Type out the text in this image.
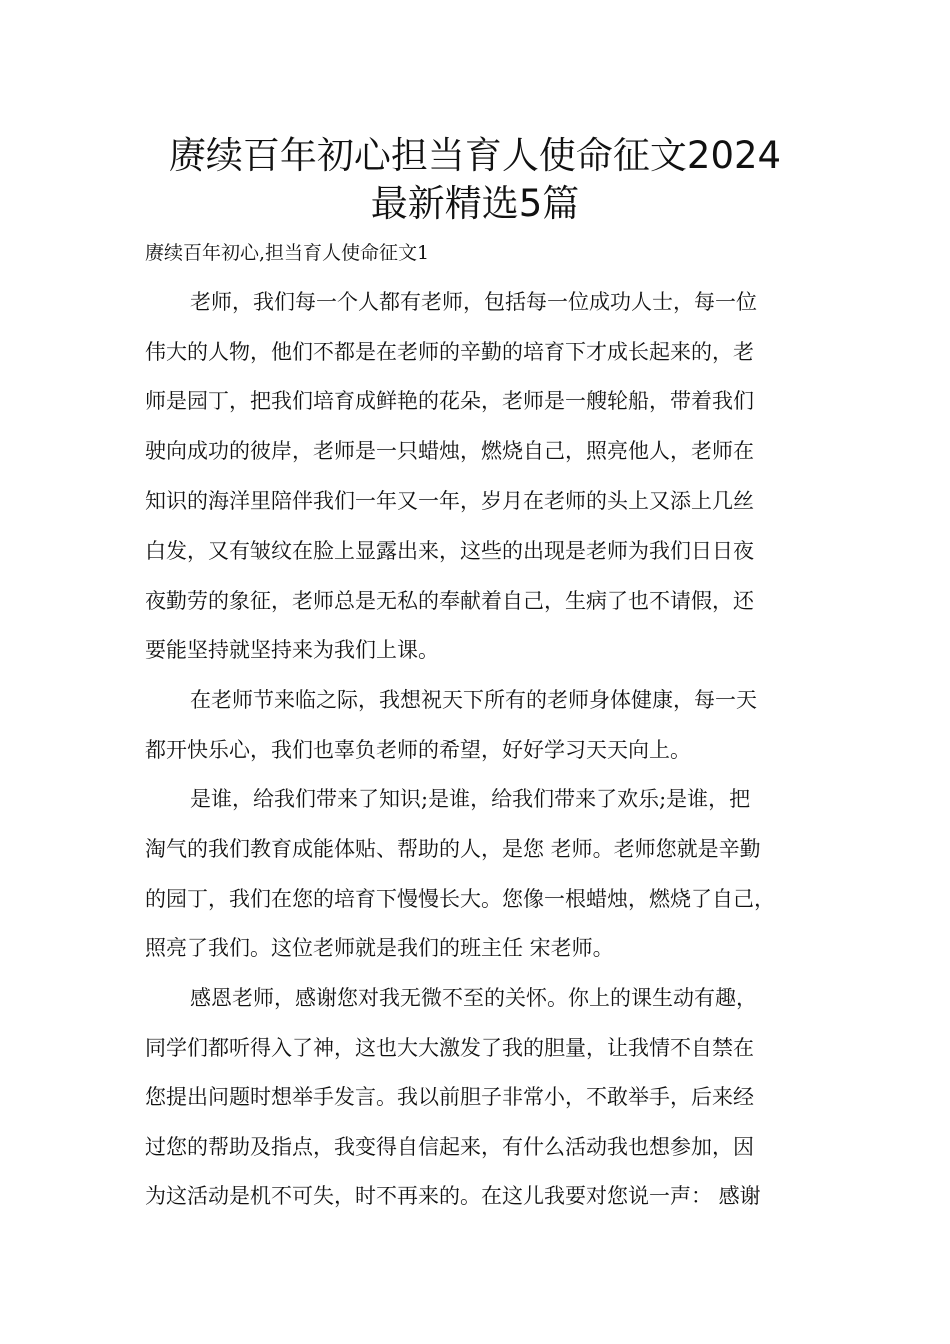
赓续百年初心担当育人使命征文2024
最新精选5篇
赓续百年初心,担当育人使命征文1
老师，我们每一个人都有老师，包括每一位成功人士，每一位
伟大的人物，他们不都是在老师的辛勤的培育下才成长起来的，老
师是园丁，把我们培育成鲜艳的花朵，老师是一艘轮船，带着我们
驶向成功的彼岸，老师是一只蜡烛，燃烧自己，照亮他人，老师在
知识的海洋里陪伴我们一年又一年，岁月在老师的头上又添上几丝
白发，又有皱纹在脸上显露出来，这些的出现是老师为我们日日夜
夜勤劳的象征，老师总是无私的奉献着自己，生病了也不请假，还
要能坚持就坚持来为我们上课。
在老师节来临之际，我想祝天下所有的老师身体健康，每一天
都开快乐心，我们也辜负老师的希望，好好学习天天向上。
是谁，给我们带来了知识;是谁，给我们带来了欢乐;是谁，把
淘气的我们教育成能体贴、帮助的人，是您 老师。老师您就是辛勤
的园丁，我们在您的培育下慢慢长大。您像一根蜡烛，燃烧了自己，
照亮了我们。这位老师就是我们的班主任 宋老师。
感恩老师，感谢您对我无微不至的关怀。你上的课生动有趣，
同学们都听得入了神，这也大大激发了我的胆量，让我情不自禁在
您提出问题时想举手发言。我以前胆子非常小，不敢举手，后来经
过您的帮助及指点，我变得自信起来，有什么活动我也想参加，因
为这活动是机不可失，时不再来的。在这儿我要对您说一声： 感谢
